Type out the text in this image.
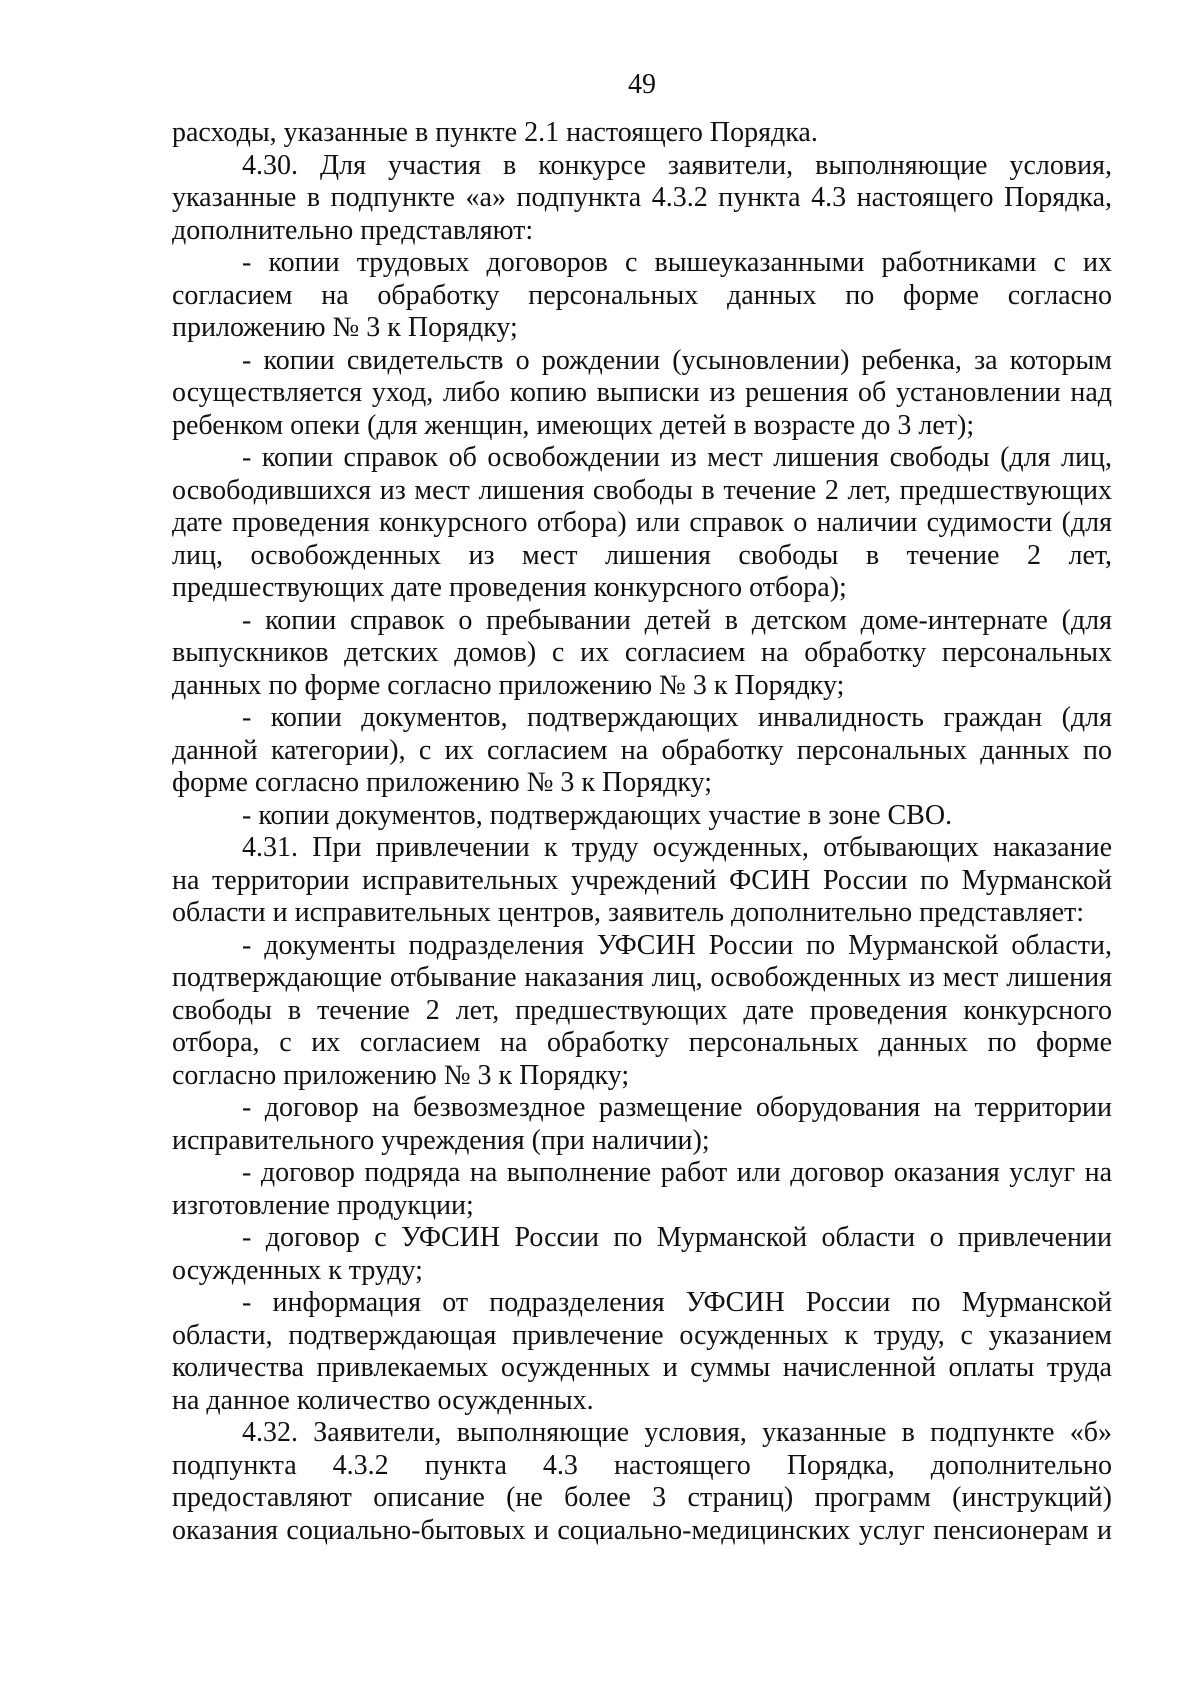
49
расходы, указанные в пункте 2.1 настоящего Порядка.
4.30. Для участия в конкурсе заявители, выполняющие условия,
указанные в подпункте «а» подпункта 4.3.2 пункта 4.3 настоящего Порядка,
дополнительно представляют:
- копии трудовых договоров с вышеуказанными работниками с их
согласием на обработку персональных данных по форме согласно
приложению № 3 к Порядку;
- копии свидетельств о рождении (усыновлении) ребенка, за которым
осуществляется уход, либо копию выписки из решения об установлении над
ребенком опеки (для женщин, имеющих детей в возрасте до 3 лет);
- копии справок об освобождении из мест лишения свободы (для лиц,
освободившихся из мест лишения свободы в течение 2 лет, предшествующих
дате проведения конкурсного отбора) или справок о наличии судимости (для
лиц, освобожденных из мест лишения свободы в течение 2 лет,
предшествующих дате проведения конкурсного отбора);
- копии справок о пребывании детей в детском доме-интернате (для
выпускников детских домов) с их согласием на обработку персональных
данных по форме согласно приложению № 3 к Порядку;
- копии документов, подтверждающих инвалидность граждан (для
данной категории), с их согласием на обработку персональных данных по
форме согласно приложению № 3 к Порядку;
- копии документов, подтверждающих участие в зоне СВО.
4.31. При привлечении к труду осужденных, отбывающих наказание
на территории исправительных учреждений ФСИН России по Мурманской
области и исправительных центров, заявитель дополнительно представляет:
- документы подразделения УФСИН России по Мурманской области,
подтверждающие отбывание наказания лиц, освобожденных из мест лишения
свободы в течение 2 лет, предшествующих дате проведения конкурсного
отбора, с их согласием на обработку персональных данных по форме
согласно приложению № 3 к Порядку;
- договор на безвозмездное размещение оборудования на территории
исправительного учреждения (при наличии);
- договор подряда на выполнение работ или договор оказания услуг на
изготовление продукции;
- договор с УФСИН России по Мурманской области о привлечении
осужденных к труду;
- информация от подразделения УФСИН России по Мурманской
области, подтверждающая привлечение осужденных к труду, с указанием
количества привлекаемых осужденных и суммы начисленной оплаты труда
на данное количество осужденных.
4.32. Заявители, выполняющие условия, указанные в подпункте «б»
подпункта 4.3.2 пункта 4.3 настоящего Порядка, дополнительно
предоставляют описание (не более 3 страниц) программ (инструкций)
оказания социально-бытовых и социально-медицинских услуг пенсионерам и
